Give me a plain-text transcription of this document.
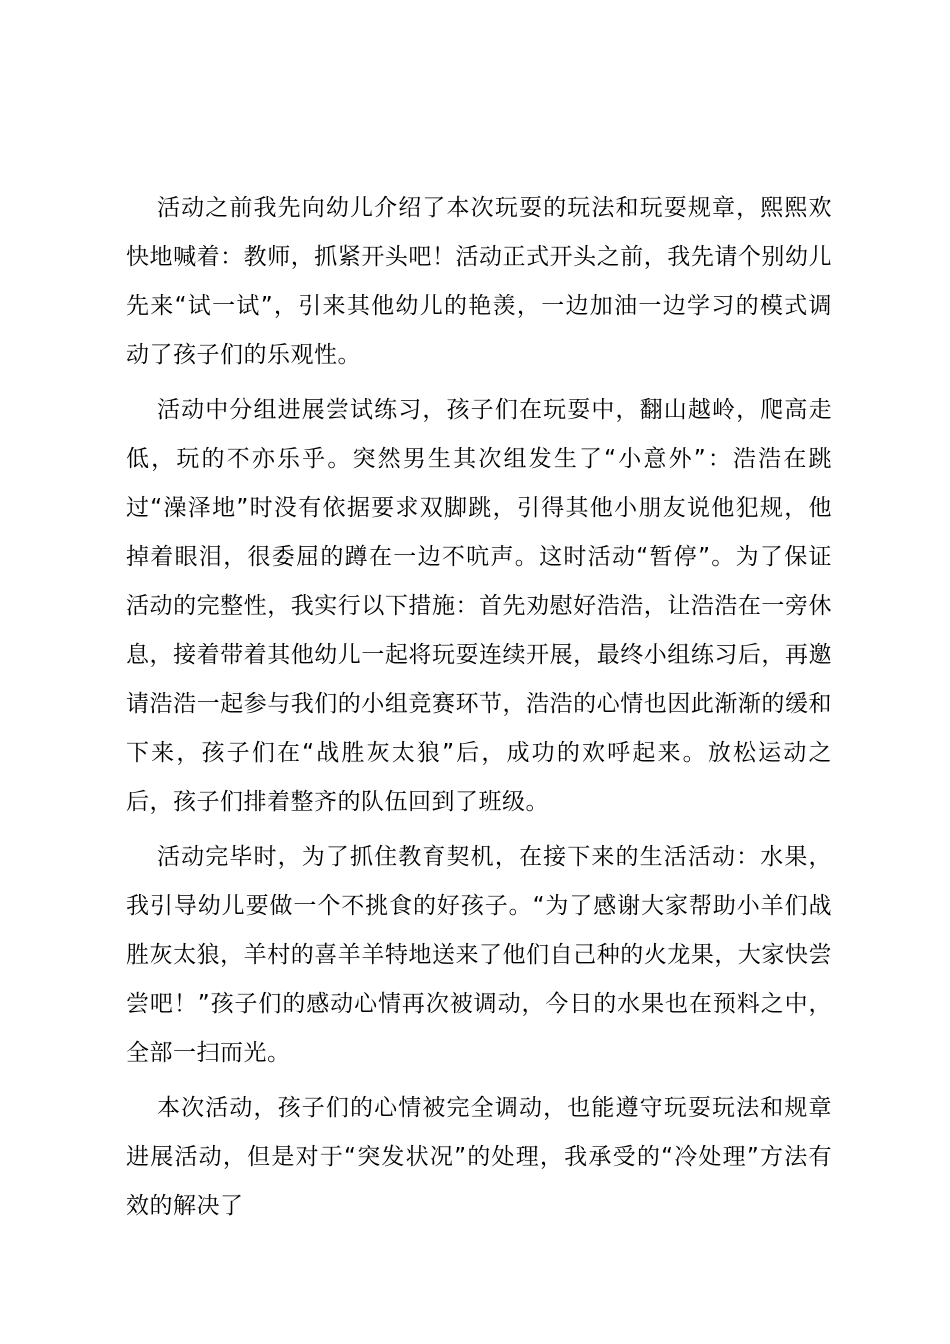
活动之前我先向幼儿介绍了本次玩耍的玩法和玩耍规章，熙熙欢快地喊着：教师，抓紧开头吧！活动正式开头之前，我先请个别幼儿先来“试一试”，引来其他幼儿的艳羡，一边加油一边学习的模式调动了孩子们的乐观性。

活动中分组进展尝试练习，孩子们在玩耍中，翻山越岭，爬高走低，玩的不亦乐乎。突然男生其次组发生了“小意外”：浩浩在跳过“澡泽地”时没有依据要求双脚跳，引得其他小朋友说他犯规，他掉着眼泪，很委屈的蹲在一边不吭声。这时活动“暂停”。为了保证活动的完整性，我实行以下措施：首先劝慰好浩浩，让浩浩在一旁休息，接着带着其他幼儿一起将玩耍连续开展，最终小组练习后，再邀请浩浩一起参与我们的小组竞赛环节，浩浩的心情也因此渐渐的缓和下来，孩子们在“战胜灰太狼”后，成功的欢呼起来。放松运动之后，孩子们排着整齐的队伍回到了班级。

活动完毕时，为了抓住教育契机，在接下来的生活活动：水果，我引导幼儿要做一个不挑食的好孩子。“为了感谢大家帮助小羊们战胜灰太狼，羊村的喜羊羊特地送来了他们自己种的火龙果，大家快尝尝吧！”孩子们的感动心情再次被调动，今日的水果也在预料之中，全部一扫而光。

本次活动，孩子们的心情被完全调动，也能遵守玩耍玩法和规章进展活动，但是对于“突发状况”的处理，我承受的“冷处理”方法有效的解决了
